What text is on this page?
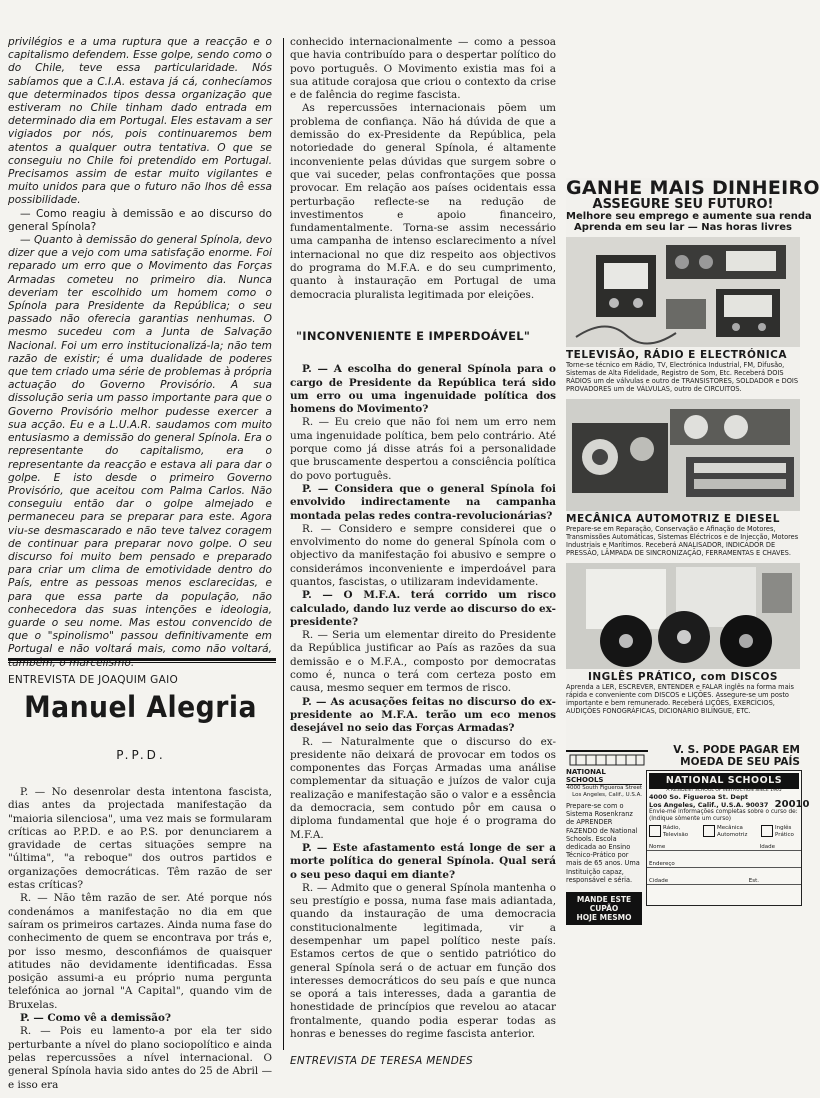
privilégios e a uma ruptura que a reacção e o capitalismo defendem. Esse golpe, sendo como o do Chile, teve essa particularidade. Nós sabíamos que a C.I.A. estava já cá, conhecíamos que determinados tipos dessa organização que estiveram no Chile tinham dado entrada em determinado dia em Portugal. Eles estavam a ser vigiados por nós, pois continuaremos bem atentos a qualquer outra tentativa. O que se conseguiu no Chile foi pretendido em Portugal. Precisamos assim de estar muito vigilantes e muito unidos para que o futuro não lhos dê essa possibilidade.

— Como reagiu à demissão e ao discurso do general Spínola?

— Quanto à demissão do general Spínola, devo dizer que a vejo com uma satisfação enorme. Foi reparado um erro que o Movimento das Forças Armadas cometeu no primeiro dia. Nunca deveriam ter escolhido um homem como o Spínola para Presidente da República; o seu passado não oferecia garantias nenhumas. O mesmo sucedeu com a Junta de Salvação Nacional. Foi um erro institucionalizá-la; não tem razão de existir; é uma dualidade de poderes que tem criado uma série de problemas à própria actuação do Governo Provisório. A sua dissolução seria um passo importante para que o Governo Provisório melhor pudesse exercer a sua acção. Eu e a L.U.A.R. saudamos com muito entusiasmo a demissão do general Spínola. Era o representante do capitalismo, era o representante da reacção e estava ali para dar o golpe. E isto desde o primeiro Governo Provisório, que aceitou com Palma Carlos. Não conseguiu então dar o golpe almejado e permaneceu para se preparar para este. Agora viu-se desmascarado e não teve talvez coragem de continuar para preparar novo golpe. O seu discurso foi muito bem pensado e preparado para criar um clima de emotividade dentro do País, entre as pessoas menos esclarecidas, e para que essa parte da população, não conhecedora das suas intenções e ideologia, guarde o seu nome. Mas estou convencido de que o "spinolismo" passou definitivamente em Portugal e não voltará mais, como não voltará,

ENTREVISTA DE JOAQUIM GAIO
Manuel Alegria
P.P.D.

P. — No desenrolar desta intentona fascista, dias antes da projectada manifestação da "maioria silenciosa", uma vez mais se formularam críticas ao P.P.D. e ao P.S. por denunciarem a gravidade de certas situações sempre na "última", "a reboque" dos outros partidos e organizações democráticas. Têm razão de ser estas críticas?

R. — Não têm razão de ser. Até porque nós condenámos a manifestação no dia em que saíram os primeiros cartazes. Ainda numa fase do conhecimento de quem se encontrava por trás e, por isso mesmo, desconfiámos de quaisquer atitudes não devidamente identificadas. Essa posição assumi-a eu próprio numa pergunta telefónica ao jornal "A Capital", quando vim de Bruxelas.

P. — Como vê a demissão?

R. — Pois eu lamento-a por ela ter sido perturbante a nível do plano sociopolítico e ainda pelas repercussões a nível internacional. O general Spínola havia sido antes do 25 de Abril — e isso era

conhecido internacionalmente — como a pessoa que havia contribuído para o despertar político do povo português. O Movimento existia mas foi a sua atitude corajosa que criou o contexto da crise e de falência do regime fascista.

As repercussões internacionais põem um problema de confiança. Não há dúvida de que a demissão do ex-Presidente da República, pela notoriedade do general Spínola, é altamente inconveniente pelas dúvidas que surgem sobre o que vai suceder, pelas confrontações que possa provocar. Em relação aos países ocidentais essa perturbação reflecte-se na redução de investimentos e apoio financeiro, fundamentalmente. Torna-se assim necessário uma campanha de intenso esclarecimento a nível internacional no que diz respeito aos objectivos do programa do M.F.A. e do seu cumprimento, quanto à instauração em Portugal de uma democracia pluralista legitimada por eleições.

"INCONVENIENTE E IMPERDOÁVEL"

P. — A escolha do general Spínola para o cargo de Presidente da República terá sido um erro ou uma ingenuidade política dos homens do Movimento?

R. — Eu creio que não foi nem um erro nem uma ingenuidade política, bem pelo contrário. Até porque como já disse atrás foi a personalidade que bruscamente despertou a consciência política do povo português.

P. — Considera que o general Spínola foi envolvido indirectamente na campanha montada pelas redes contra-revolucionárias?

R. — Considero e sempre considerei que o envolvimento do nome do general Spínola com o objectivo da manifestação foi abusivo e sempre o considerámos inconveniente e imperdoável para quantos, fascistas, o utilizaram indevidamente.

P. — O M.F.A. terá corrido um risco calculado, dando luz verde ao discurso do ex-presidente?

R. — Seria um elementar direito do Presidente da República justificar ao País as razões da sua demissão e o M.F.A., composto por democratas como é, nunca o terá com certeza posto em causa, mesmo sequer em termos de risco.

P. — As acusações feitas no discurso do ex-presidente ao M.F.A. terão um eco menos desejável no seio das Forças Armadas?

R. — Naturalmente que o discurso do ex-presidente não deixará de provocar em todos os componentes das Forças Armadas uma análise complementar da situação e juízos de valor cuja realização e manifestação são o valor e a essência da democracia, sem contudo pôr em causa o diploma fundamental que hoje é o programa do M.F.A.

P. — Este afastamento está longe de ser a morte política do general Spínola. Qual será o seu peso daqui em diante?

R. — Admito que o general Spínola mantenha o seu prestígio e possa, numa fase mais adiantada, quando da instauração de uma democracia constitucionalmente legitimada, vir a desempenhar um papel político neste país. Estamos certos de que o sentido patriótico do general Spínola será o de actuar em função dos interesses democráticos do seu país e que nunca se oporá a tais interesses, dada a garantia de honestidade de princípios que revelou ao atacar frontalmente, quando podia esperar todas as honras e benesses do regime fascista anterior.

ENTREVISTA DE TERESA MENDES
GANHE MAIS DINHEIRO
ASSEGURE SEU FUTURO!
Melhore seu emprego e aumente sua renda
Aprenda em seu lar — Nas horas livres
TELEVISÃO, RÁDIO E ELECTRÓNICA
Torne-se técnico em Rádio, TV, Electrónica Industrial, FM, Difusão, Sistemas de Alta Fidelidade, Registro de Som, Etc. Receberá DOIS RÁDIOS um de válvulas e outro de TRANSISTORES, SOLDADOR e DOIS PROVADORES um de VÁLVULAS, outro de CIRCUITOS.
MECÂNICA AUTOMOTRIZ E DIESEL
Prepare-se em Reparação, Conservação e Afinação de Motores, Transmissões Automáticas, Sistemas Eléctricos e de Injecção, Motores Industriais e Marítimos. Receberá ANALISADOR, INDICADOR DE PRESSÃO, LÂMPADA DE SINCRONIZAÇÃO, FERRAMENTAS E CHAVES.
INGLÊS PRÁTICO, com DISCOS
Aprenda a LER, ESCREVER, ENTENDER e FALAR inglês na forma mais rápida e conveniente com DISCOS e LIÇÕES. Assegure-se um posto importante e bem remunerado. Receberá LIÇÕES, EXERCÍCIOS, AUDIÇÕES FONOGRÁFICAS, DICIONÁRIO BILÍNGUE, ETC.
V. S. PODE PAGAR EM
MOEDA DE SEU PAÍS
NATIONAL SCHOOLS
4000 South Figueroa Street Los Angeles, Calif., U.S.A.
Prepare-se com o Sistema Rosenkranz de APRENDER FAZENDO de National Schools. Escola dedicada ao Ensino Técnico-Prático por mais de 65 anos. Uma Instituição capaz, responsável e séria.
MANDE ESTE CUPÃO
HOJE MESMO
NATIONAL SCHOOLS
A RESIDENT SCHOOL OF INSTRUCTION SINCE 1905
4000 So. Figueroa St. Dept
Los Angeles, Calif., U.S.A. 90037 20010
Envie-me informações completas sobre o curso de: (Indique sòmente um curso)
Rádio, Televisão
Mecânica Automotriz
Inglês Prático
Nome	Idade
Endereço
Cidade	Est.
